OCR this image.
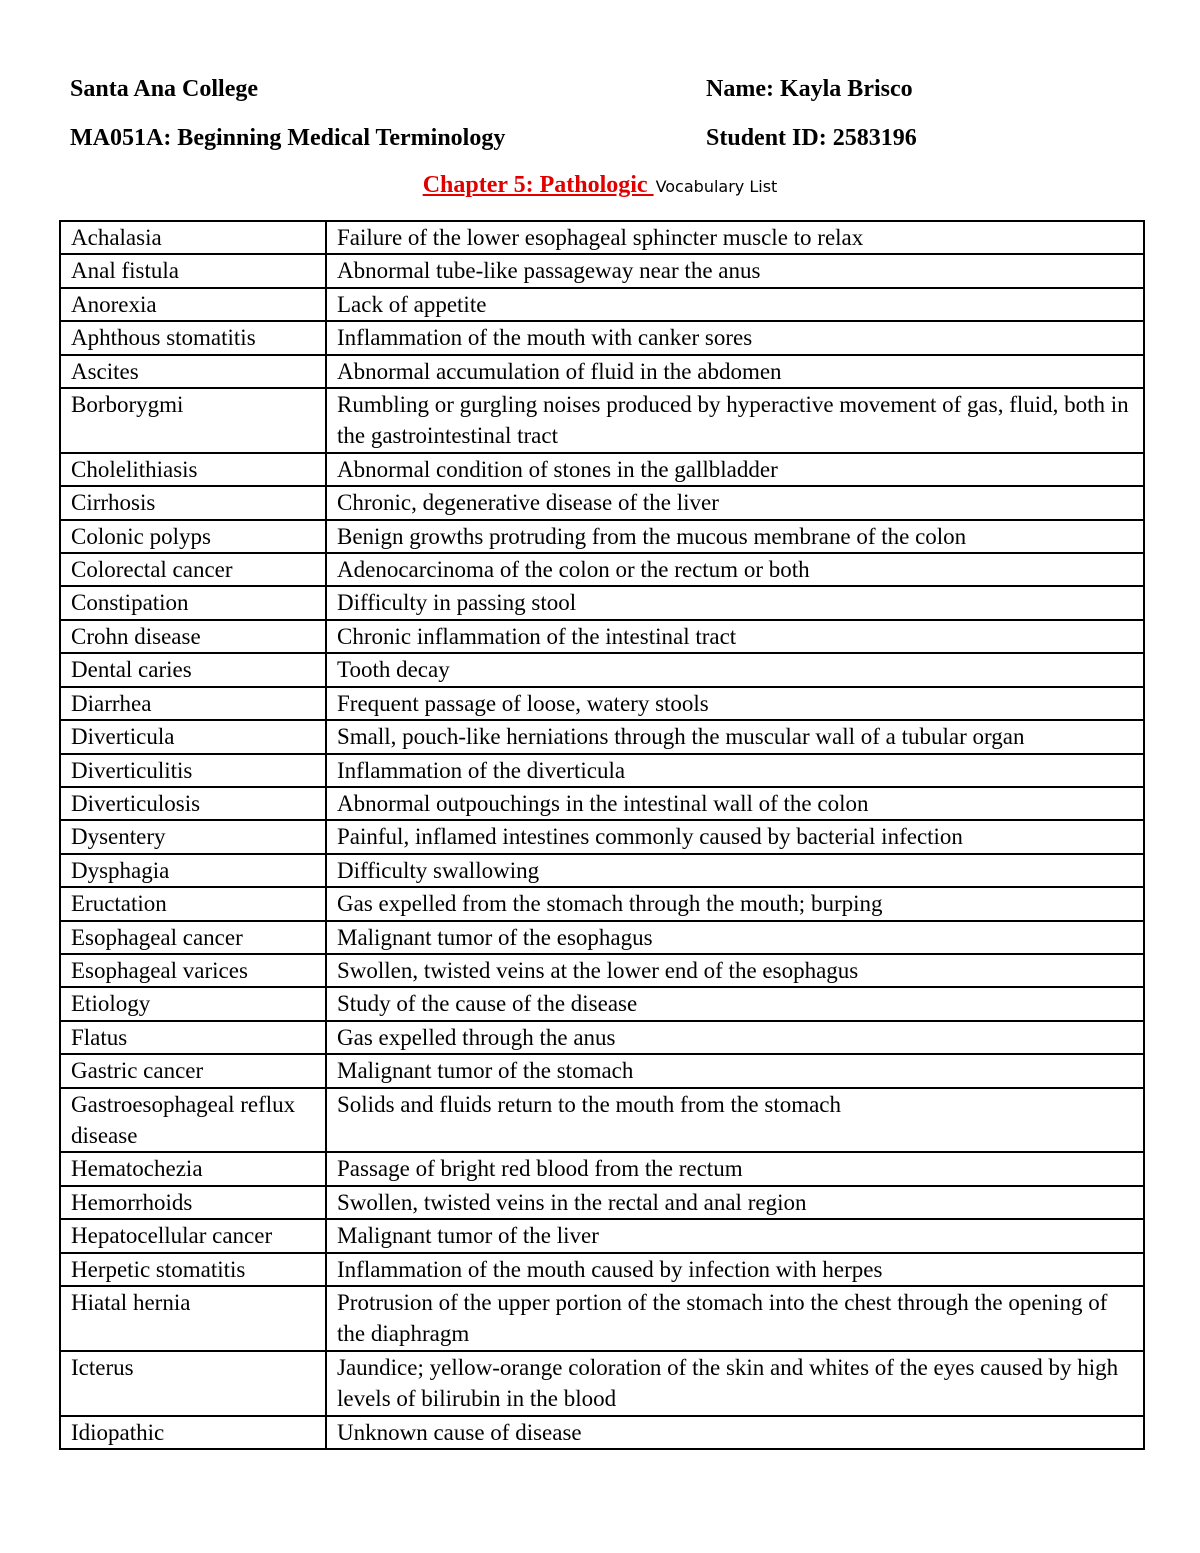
Santa Ana College	Name: Kayla Brisco
MA051A: Beginning Medical Terminology	Student ID: 2583196
Chapter 5: Pathologic Vocabulary List
Achalasia	Failure of the lower esophageal sphincter muscle to relax
Anal fistula	Abnormal tube-like passageway near the anus
Anorexia	Lack of appetite
Aphthous stomatitis	Inflammation of the mouth with canker sores
Ascites	Abnormal accumulation of fluid in the abdomen
Borborygmi	Rumbling or gurgling noises produced by hyperactive movement of gas, fluid, both in the gastrointestinal tract
Cholelithiasis	Abnormal condition of stones in the gallbladder
Cirrhosis	Chronic, degenerative disease of the liver
Colonic polyps	Benign growths protruding from the mucous membrane of the colon
Colorectal cancer	Adenocarcinoma of the colon or the rectum or both
Constipation	Difficulty in passing stool
Crohn disease	Chronic inflammation of the intestinal tract
Dental caries	Tooth decay
Diarrhea	Frequent passage of loose, watery stools
Diverticula	Small, pouch-like herniations through the muscular wall of a tubular organ
Diverticulitis	Inflammation of the diverticula
Diverticulosis	Abnormal outpouchings in the intestinal wall of the colon
Dysentery	Painful, inflamed intestines commonly caused by bacterial infection
Dysphagia	Difficulty swallowing
Eructation	Gas expelled from the stomach through the mouth; burping
Esophageal cancer	Malignant tumor of the esophagus
Esophageal varices	Swollen, twisted veins at the lower end of the esophagus
Etiology	Study of the cause of the disease
Flatus	Gas expelled through the anus
Gastric cancer	Malignant tumor of the stomach
Gastroesophageal reflux disease	Solids and fluids return to the mouth from the stomach
Hematochezia	Passage of bright red blood from the rectum
Hemorrhoids	Swollen, twisted veins in the rectal and anal region
Hepatocellular cancer	Malignant tumor of the liver
Herpetic stomatitis	Inflammation of the mouth caused by infection with herpes
Hiatal hernia	Protrusion of the upper portion of the stomach into the chest through the opening of the diaphragm
Icterus	Jaundice; yellow-orange coloration of the skin and whites of the eyes caused by high levels of bilirubin in the blood
Idiopathic	Unknown cause of disease
